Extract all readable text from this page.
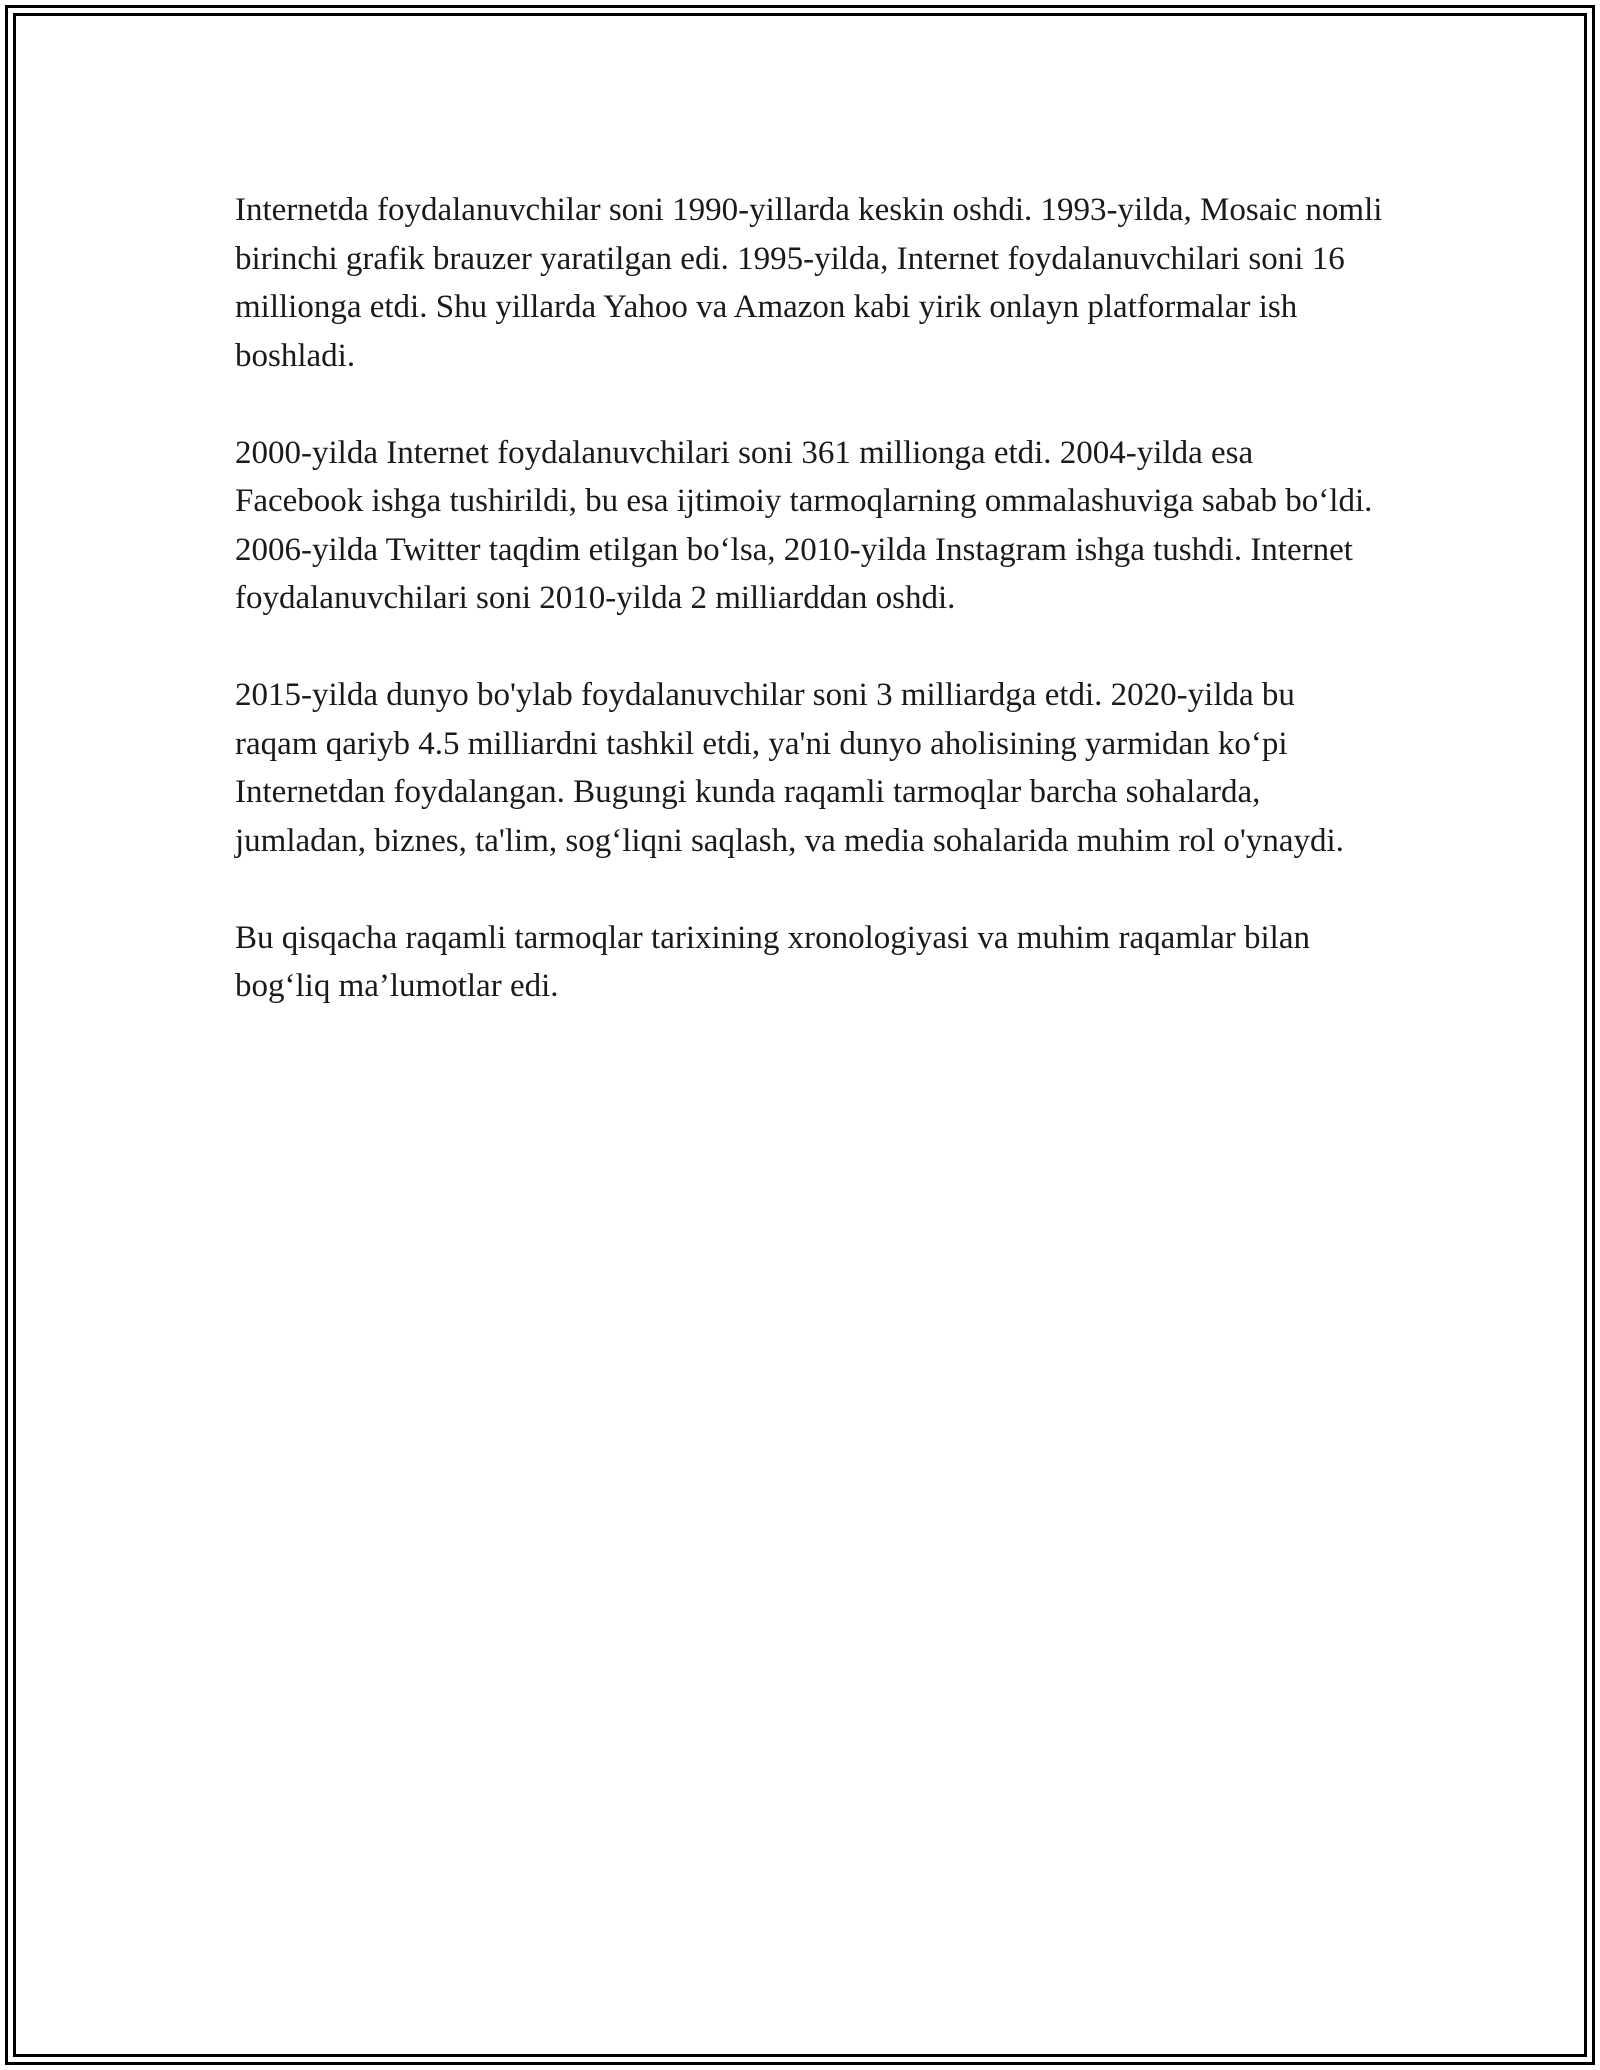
Internetda foydalanuvchilar soni 1990-yillarda keskin oshdi. 1993-yilda, Mosaic nomli birinchi grafik brauzer yaratilgan edi. 1995-yilda, Internet foydalanuvchilari soni 16 millionga etdi. Shu yillarda Yahoo va Amazon kabi yirik onlayn platformalar ish boshladi.

2000-yilda Internet foydalanuvchilari soni 361 millionga etdi. 2004-yilda esa Facebook ishga tushirildi, bu esa ijtimoiy tarmoqlarning ommalashuviga sabab boʻldi. 2006-yilda Twitter taqdim etilgan boʻlsa, 2010-yilda Instagram ishga tushdi. Internet foydalanuvchilari soni 2010-yilda 2 milliarddan oshdi.

2015-yilda dunyo bo'ylab foydalanuvchilar soni 3 milliardga etdi. 2020-yilda bu raqam qariyb 4.5 milliardni tashkil etdi, ya'ni dunyo aholisining yarmidan koʻpi Internetdan foydalangan. Bugungi kunda raqamli tarmoqlar barcha sohalarda, jumladan, biznes, ta'lim, sogʻliqni saqlash, va media sohalarida muhim rol o'ynaydi.

Bu qisqacha raqamli tarmoqlar tarixining xronologiyasi va muhim raqamlar bilan bogʻliq ma’lumotlar edi.
